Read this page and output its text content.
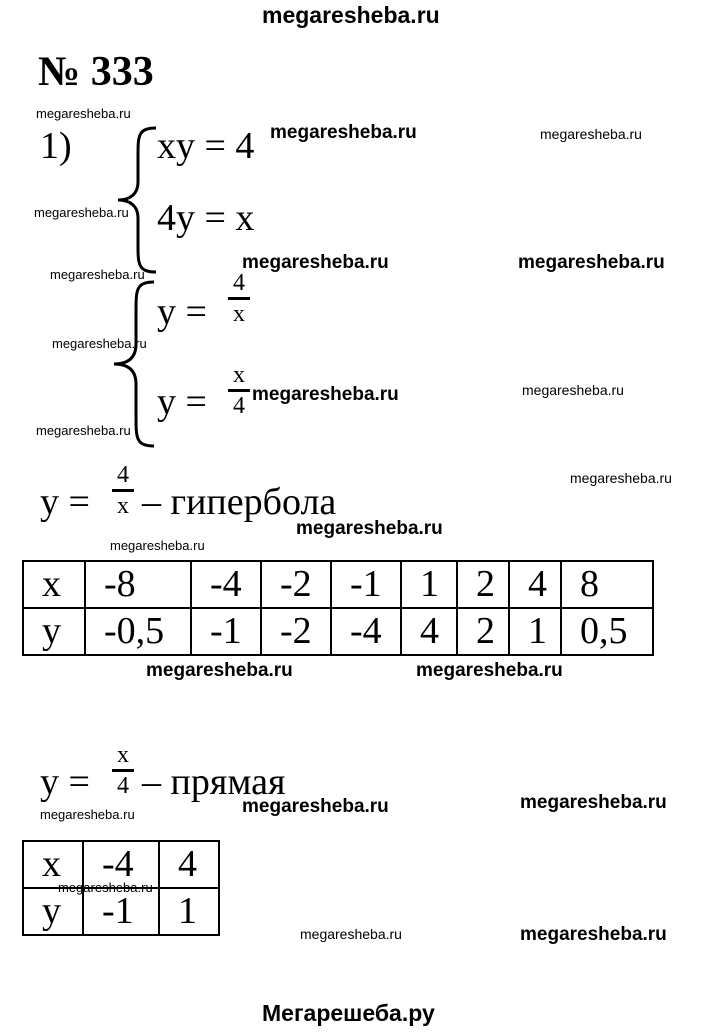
megaresheba.ru
№ 333
1) xy = 4
4y = x
y =
4
x
y =
x
4
y =
4
x – гипербола
x	-8	-4	-2	-1	1	2	4	8
y	-0,5	-1	-2	-4	4	2	1	0,5
y =
x
4 – прямая
x	-4	4
y	-1	1
megaresheba.ru
megaresheba.ru	megaresheba.ru
megaresheba.ru
megaresheba.ru	megaresheba.ru
megaresheba.ru
megaresheba.ru
megaresheba.ru	megaresheba.ru
megaresheba.ru
megaresheba.ru
megaresheba.ru
megaresheba.ru
megaresheba.ru	megaresheba.ru
megaresheba.ru	megaresheba.ru
megaresheba.ru
megaresheba.ru
megaresheba.ru	megaresheba.ru
Мегарешеба.ру
